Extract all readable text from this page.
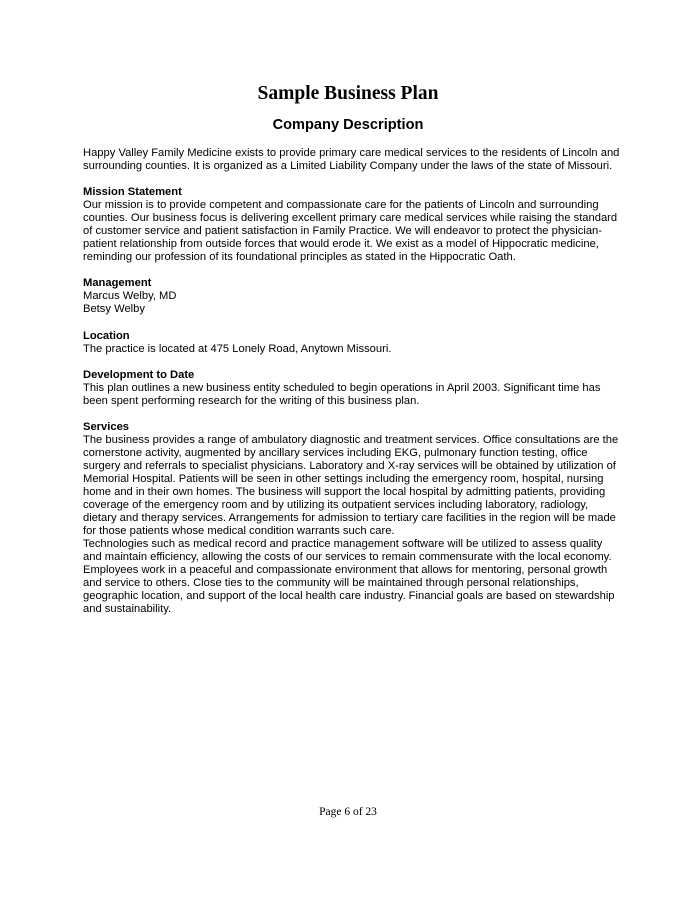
Sample Business Plan
Company Description

Happy Valley Family Medicine exists to provide primary care medical services to the residents of Lincoln and surrounding counties. It is organized as a Limited Liability Company under the laws of the state of Missouri.

Mission Statement

Our mission is to provide competent and compassionate care for the patients of Lincoln and surrounding counties. Our business focus is delivering excellent primary care medical services while raising the standard of customer service and patient satisfaction in Family Practice. We will endeavor to protect the physician-patient relationship from outside forces that would erode it. We exist as a model of Hippocratic medicine, reminding our profession of its foundational principles as stated in the Hippocratic Oath.

Management
Marcus Welby, MD
Betsy Welby
Location

The practice is located at 475 Lonely Road, Anytown Missouri.

Development to Date

This plan outlines a new business entity scheduled to begin operations in April 2003. Significant time has been spent performing research for the writing of this business plan.

Services

The business provides a range of ambulatory diagnostic and treatment services. Office consultations are the cornerstone activity, augmented by ancillary services including EKG, pulmonary function testing, office surgery and referrals to specialist physicians. Laboratory and X-ray services will be obtained by utilization of Memorial Hospital. Patients will be seen in other settings including the emergency room, hospital, nursing home and in their own homes. The business will support the local hospital by admitting patients, providing coverage of the emergency room and by utilizing its outpatient services including laboratory, radiology, dietary and therapy services. Arrangements for admission to tertiary care facilities in the region will be made for those patients whose medical condition warrants such care.

Technologies such as medical record and practice management software will be utilized to assess quality and maintain efficiency, allowing the costs of our services to remain commensurate with the local economy. Employees work in a peaceful and compassionate environment that allows for mentoring, personal growth and service to others. Close ties to the community will be maintained through personal relationships, geographic location, and support of the local health care industry. Financial goals are based on stewardship and sustainability.

Page 6 of 23
